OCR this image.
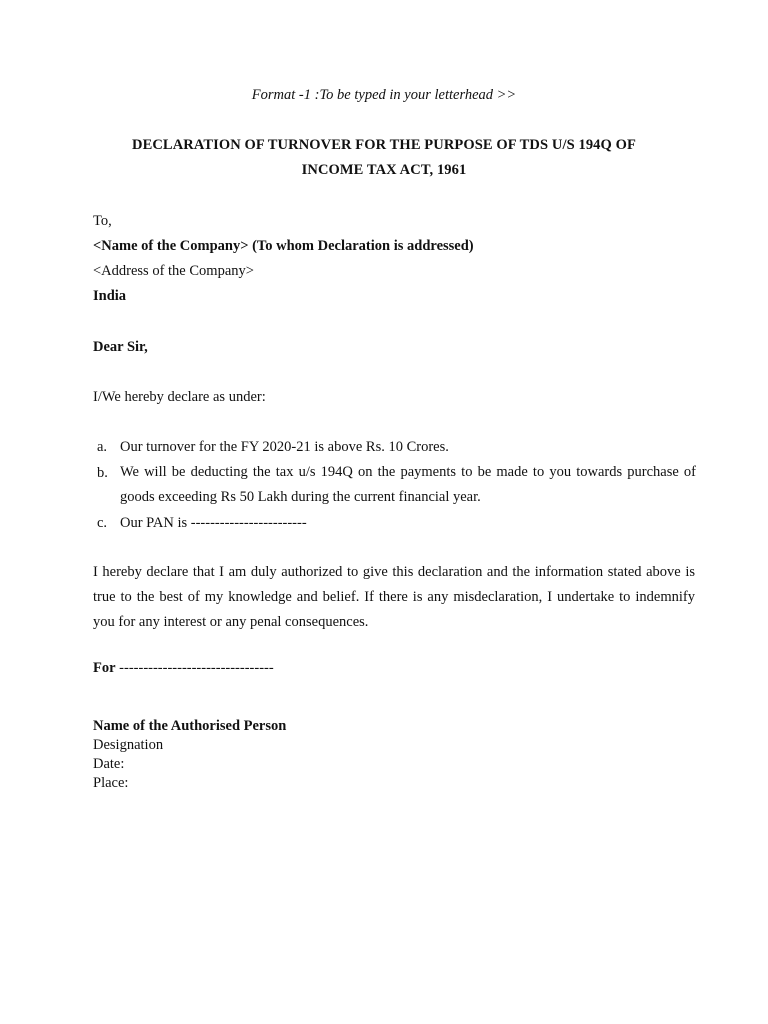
Format -1 :To be typed in your letterhead >>
DECLARATION OF TURNOVER FOR THE PURPOSE OF TDS U/S 194Q OF
INCOME TAX ACT, 1961
To,
<Name of the Company> (To whom Declaration is addressed)
<Address of the Company>
India
Dear Sir,
I/We hereby declare as under:
a. Our turnover for the FY 2020-21 is above Rs. 10 Crores.
b. We will be deducting the tax u/s 194Q on the payments to be made to you towards purchase of goods exceeding Rs 50 Lakh during the current financial year.
c. Our PAN is ------------------------
I hereby declare that I am duly authorized to give this declaration and the information stated above is true to the best of my knowledge and belief. If there is any misdeclaration, I undertake to indemnify you for any interest or any penal consequences.
For --------------------------------
Name of the Authorised Person
Designation
Date:
Place:
